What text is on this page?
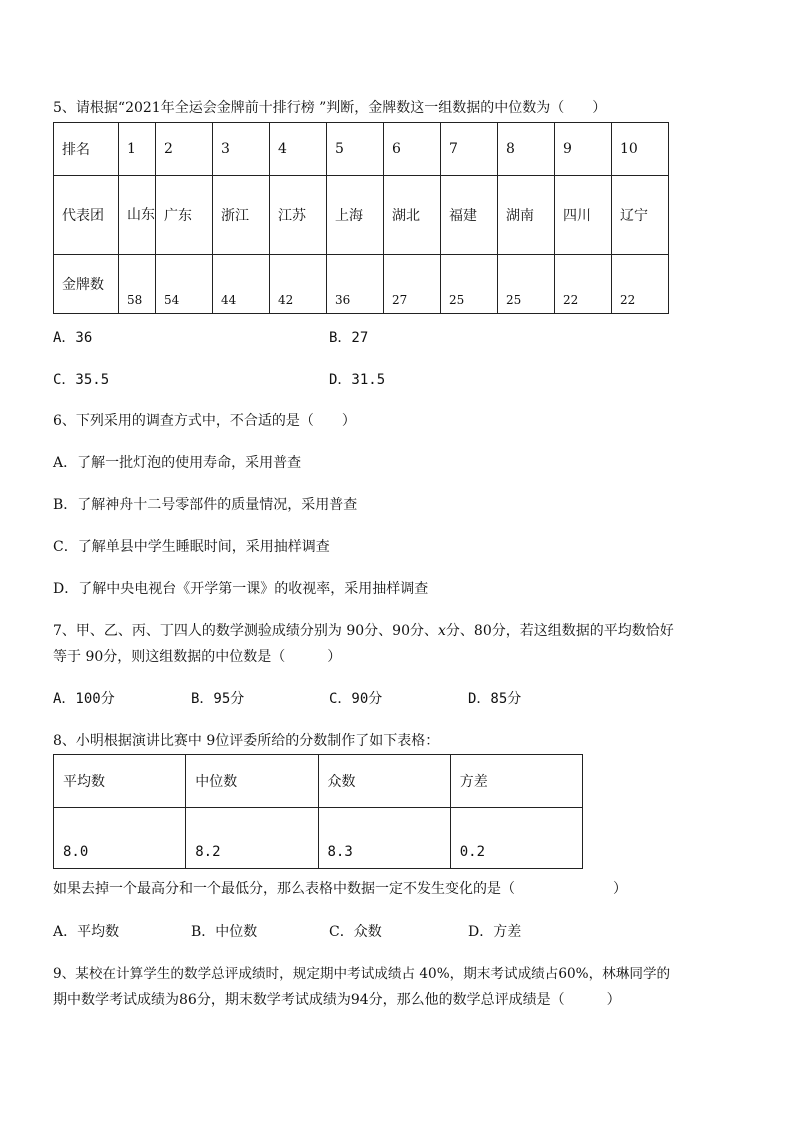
5、请根据“2021年全运会金牌前十排行榜 ”判断，金牌数这一组数据的中位数为（　　）
排名	1	2	3	4	5	6	7	8	9	10
代表团	山东	广东	浙江	江苏	上海	湖北	福建	湖南	四川	辽宁
金牌数	58	54	44	42	36	27	25	25	22	22
A．36	B．27
C．35.5	D．31.5
6、下列采用的调查方式中，不合适的是（　　）
A．了解一批灯泡的使用寿命，采用普查
B．了解神舟十二号零部件的质量情况，采用普查
C．了解单县中学生睡眠时间，采用抽样调查
D．了解中央电视台《开学第一课》的收视率，采用抽样调查
7、甲、乙、丙、丁四人的数学测验成绩分别为 90分、90分、x分、80分，若这组数据的平均数恰好
等于 90分，则这组数据的中位数是（　　　）
A．100分	B．95分	C．90分	D．85分
8、小明根据演讲比赛中 9位评委所给的分数制作了如下表格：
平均数	中位数	众数	方差
8.0	8.2	8.3	0.2
如果去掉一个最高分和一个最低分，那么表格中数据一定不发生变化的是（　　　　　　　）
A．平均数	B．中位数	C．众数	D．方差
9、某校在计算学生的数学总评成绩时，规定期中考试成绩占 40%，期末考试成绩占60%，林琳同学的
期中数学考试成绩为86分，期末数学考试成绩为94分，那么他的数学总评成绩是（　　　）
